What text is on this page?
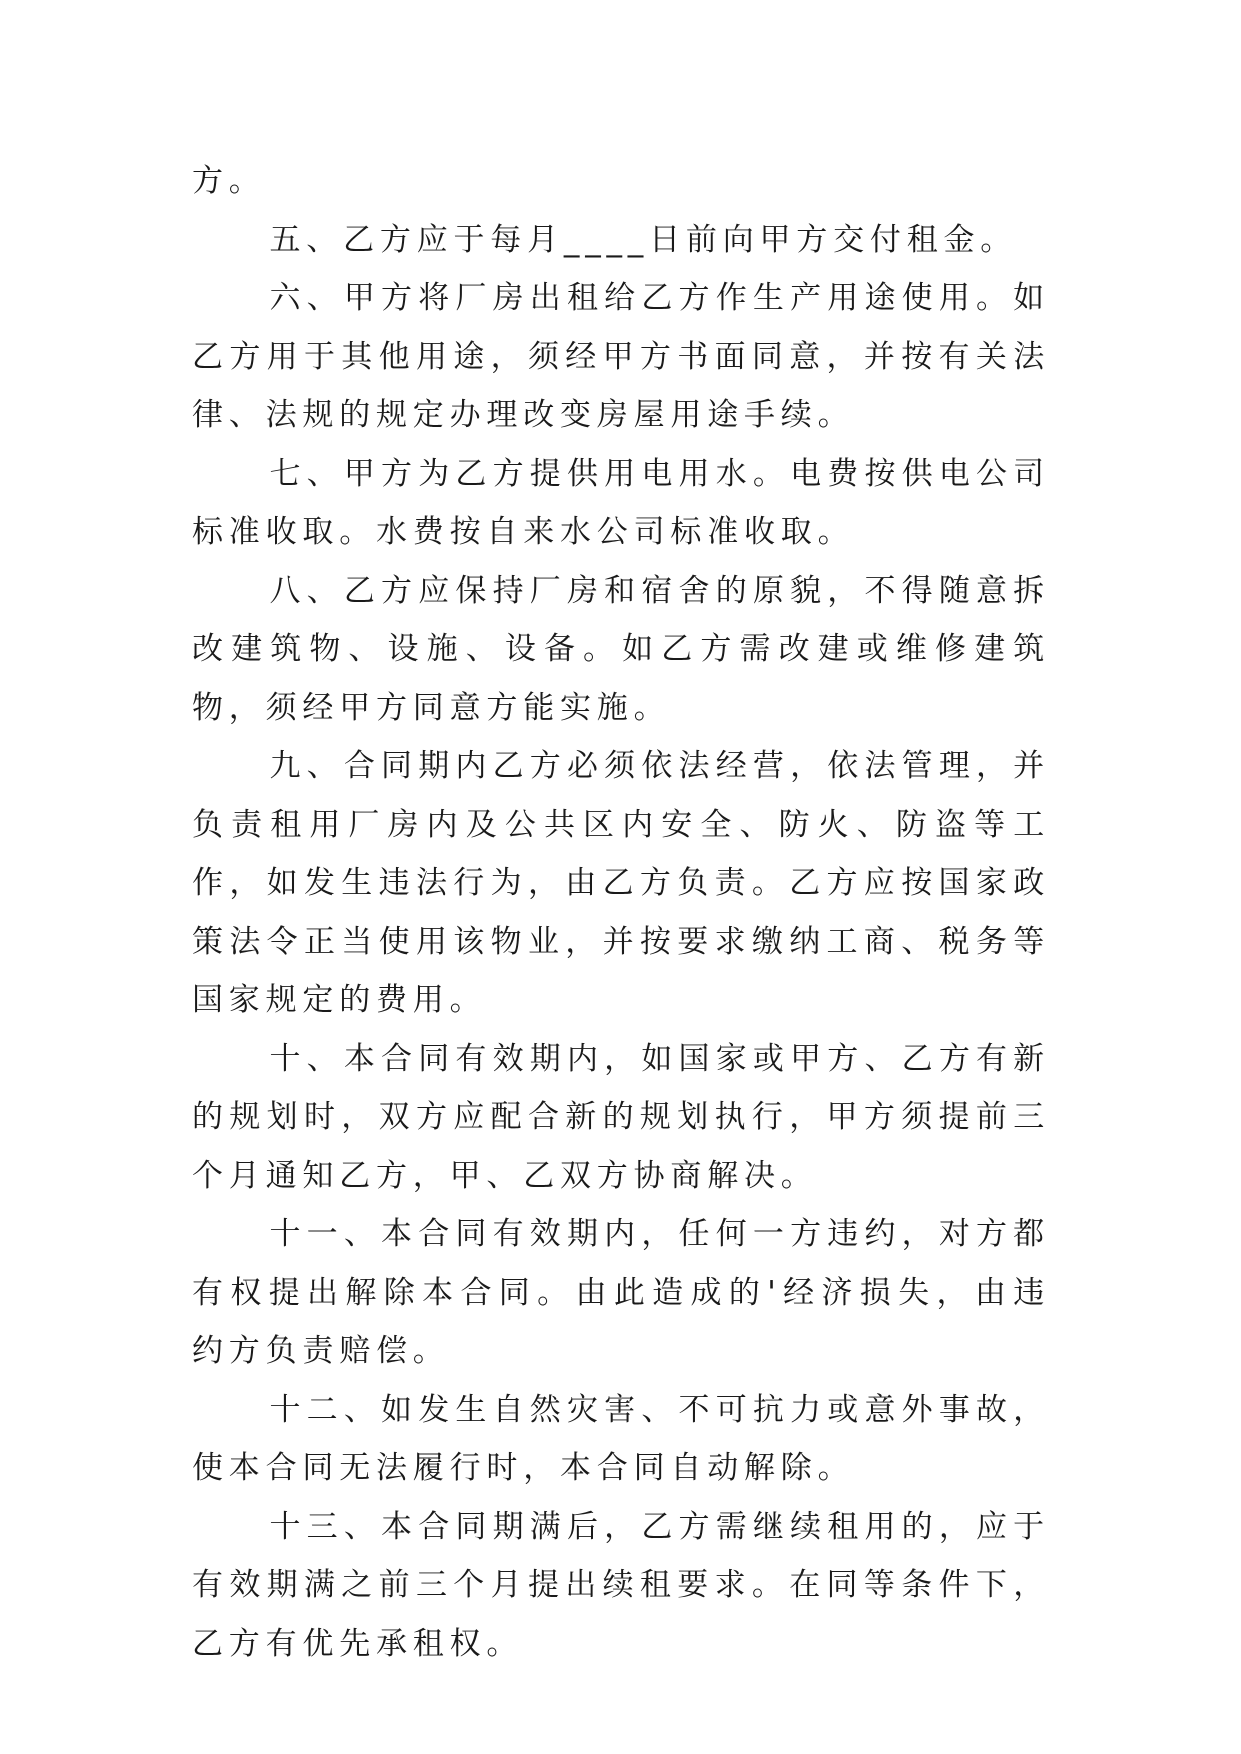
方。

五、乙方应于每月____日前向甲方交付租金。

六、甲方将厂房出租给乙方作生产用途使用。如乙方用于其他用途，须经甲方书面同意，并按有关法律、法规的规定办理改变房屋用途手续。

七、甲方为乙方提供用电用水。电费按供电公司标准收取。水费按自来水公司标准收取。

八、乙方应保持厂房和宿舍的原貌，不得随意拆改建筑物、设施、设备。如乙方需改建或维修建筑物，须经甲方同意方能实施。

九、合同期内乙方必须依法经营，依法管理，并负责租用厂房内及公共区内安全、防火、防盗等工作，如发生违法行为，由乙方负责。乙方应按国家政策法令正当使用该物业，并按要求缴纳工商、税务等国家规定的费用。

十、本合同有效期内，如国家或甲方、乙方有新的规划时，双方应配合新的规划执行，甲方须提前三个月通知乙方，甲、乙双方协商解决。

十一、本合同有效期内，任何一方违约，对方都有权提出解除本合同。由此造成的'经济损失，由违约方负责赔偿。

十二、如发生自然灾害、不可抗力或意外事故，使本合同无法履行时，本合同自动解除。

十三、本合同期满后，乙方需继续租用的，应于有效期满之前三个月提出续租要求。在同等条件下，乙方有优先承租权。
